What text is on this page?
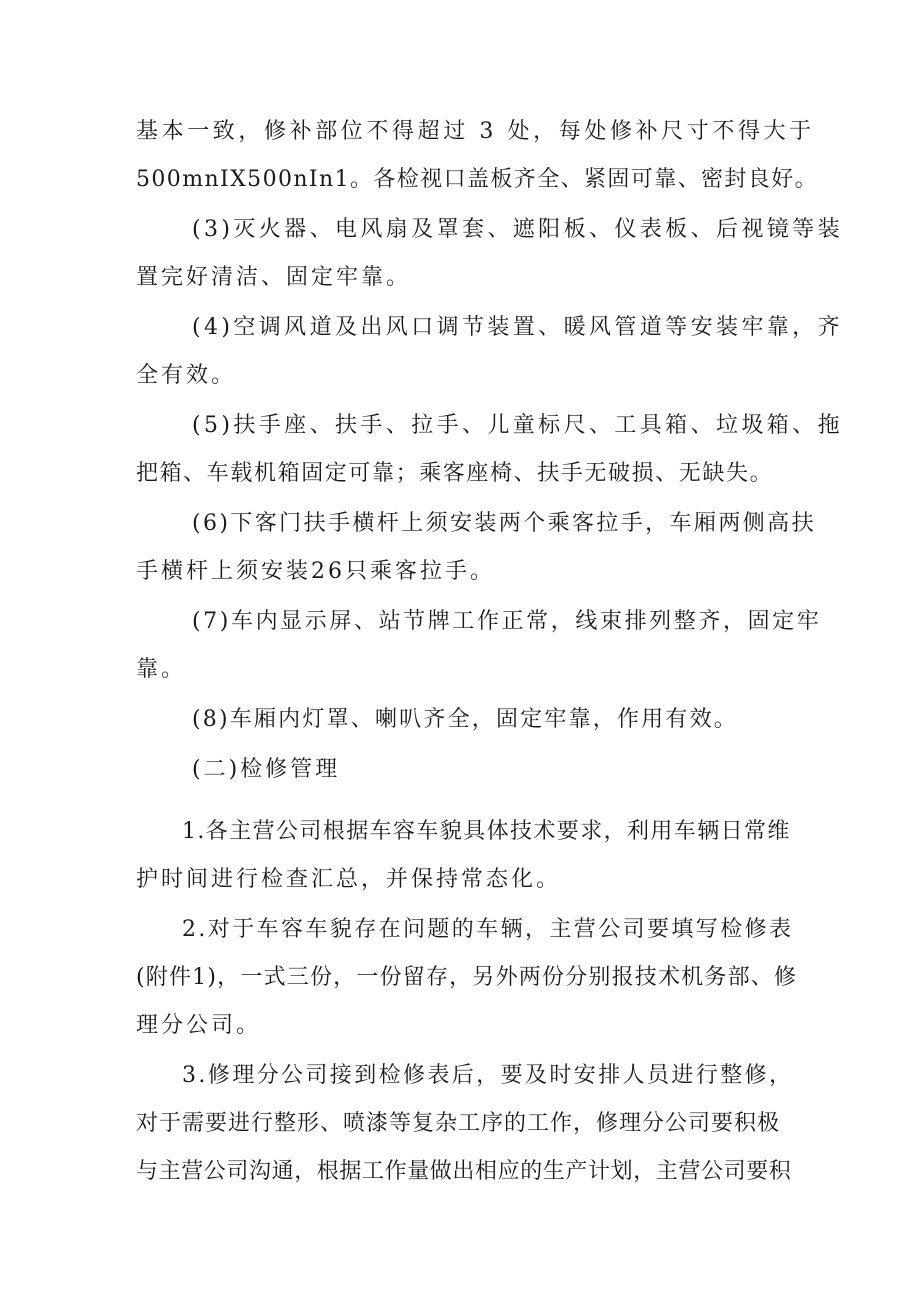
基本一致，修补部位不得超过 3 处，每处修补尺寸不得大于
500mnIX500nIn1。各检视口盖板齐全、紧固可靠、密封良好。
(3)灭火器、电风扇及罩套、遮阳板、仪表板、后视镜等装
置完好清洁、固定牢靠。
(4)空调风道及出风口调节装置、暖风管道等安装牢靠，齐
全有效。
(5)扶手座、扶手、拉手、儿童标尺、工具箱、垃圾箱、拖
把箱、车载机箱固定可靠；乘客座椅、扶手无破损、无缺失。
(6)下客门扶手横杆上须安装两个乘客拉手，车厢两侧高扶
手横杆上须安装26只乘客拉手。
(7)车内显示屏、站节牌工作正常，线束排列整齐，固定牢
靠。
(8)车厢内灯罩、喇叭齐全，固定牢靠，作用有效。
(二)检修管理
1.各主营公司根据车容车貌具体技术要求，利用车辆日常维
护时间进行检查汇总，并保持常态化。
2.对于车容车貌存在问题的车辆，主营公司要填写检修表
(附件1)，一式三份，一份留存，另外两份分别报技术机务部、修
理分公司。
3.修理分公司接到检修表后，要及时安排人员进行整修，
对于需要进行整形、喷漆等复杂工序的工作，修理分公司要积极
与主营公司沟通，根据工作量做出相应的生产计划，主营公司要积
